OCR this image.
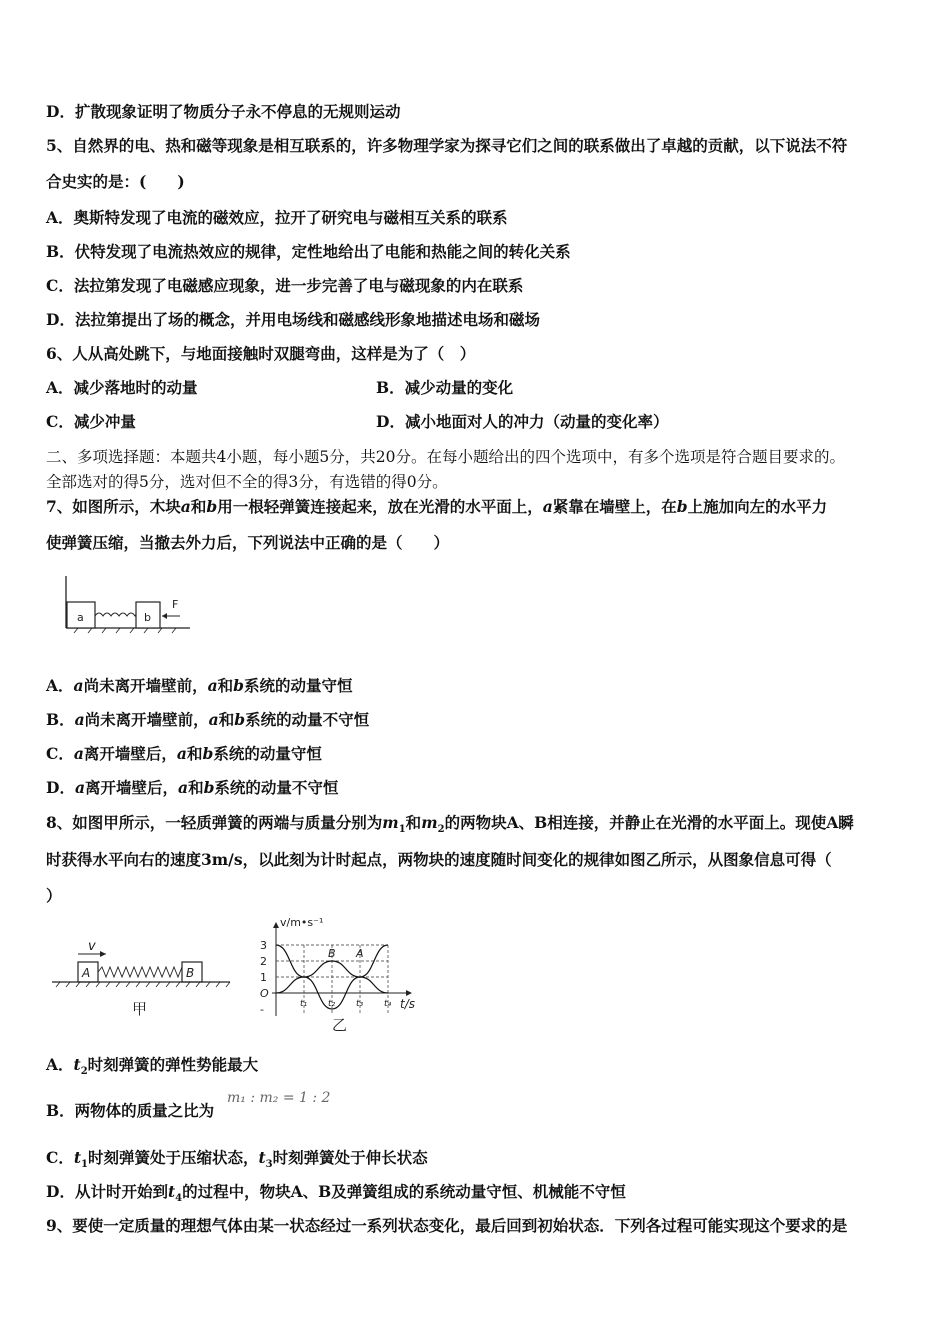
D．扩散现象证明了物质分子永不停息的无规则运动
5、自然界的电、热和磁等现象是相互联系的，许多物理学家为探寻它们之间的联系做出了卓越的贡献，以下说法不符
合史实的是：(　　)
A．奥斯特发现了电流的磁效应，拉开了研究电与磁相互关系的联系
B．伏特发现了电流热效应的规律，定性地给出了电能和热能之间的转化关系
C．法拉第发现了电磁感应现象，进一步完善了电与磁现象的内在联系
D．法拉第提出了场的概念，并用电场线和磁感线形象地描述电场和磁场
6、人从高处跳下，与地面接触时双腿弯曲，这样是为了（　）
A．减少落地时的动量	B．减少动量的变化
C．减少冲量	D．减小地面对人的冲力（动量的变化率）
二、多项选择题：本题共4小题，每小题5分，共20分。在每小题给出的四个选项中，有多个选项是符合题目要求的。
全部选对的得5分，选对但不全的得3分，有选错的得0分。
7、如图所示，木块a和b用一根轻弹簧连接起来，放在光滑的水平面上，a紧靠在墙壁上，在b上施加向左的水平力
使弹簧压缩，当撤去外力后，下列说法中正确的是（　　）
a	b
F
A．a尚未离开墙壁前，a和b系统的动量守恒
B．a尚未离开墙壁前，a和b系统的动量不守恒
C．a离开墙壁后，a和b系统的动量守恒
D．a离开墙壁后，a和b系统的动量不守恒
8、如图甲所示，一轻质弹簧的两端与质量分别为$m_1$和$m_2$的两物块A、B相连接，并静止在光滑的水平面上。现使A瞬
时获得水平向右的速度3m/s，以此刻为计时起点，两物块的速度随时间变化的规律如图乙所示，从图象信息可得（
）
v
A	B
甲
3
2
1
O
-	t₁ t₂ t₃ t₄
v/m•s⁻¹
t/s
乙
B A
A．$t_2$时刻弹簧的弹性势能最大
B．两物体的质量之比为
m₁ : m₂ = 1 : 2
C．$t_1$时刻弹簧处于压缩状态，$t_3$时刻弹簧处于伸长状态
D．从计时开始到$t_4$的过程中，物块A、B及弹簧组成的系统动量守恒、机械能不守恒
9、要使一定质量的理想气体由某一状态经过一系列状态变化，最后回到初始状态．下列各过程可能实现这个要求的是
